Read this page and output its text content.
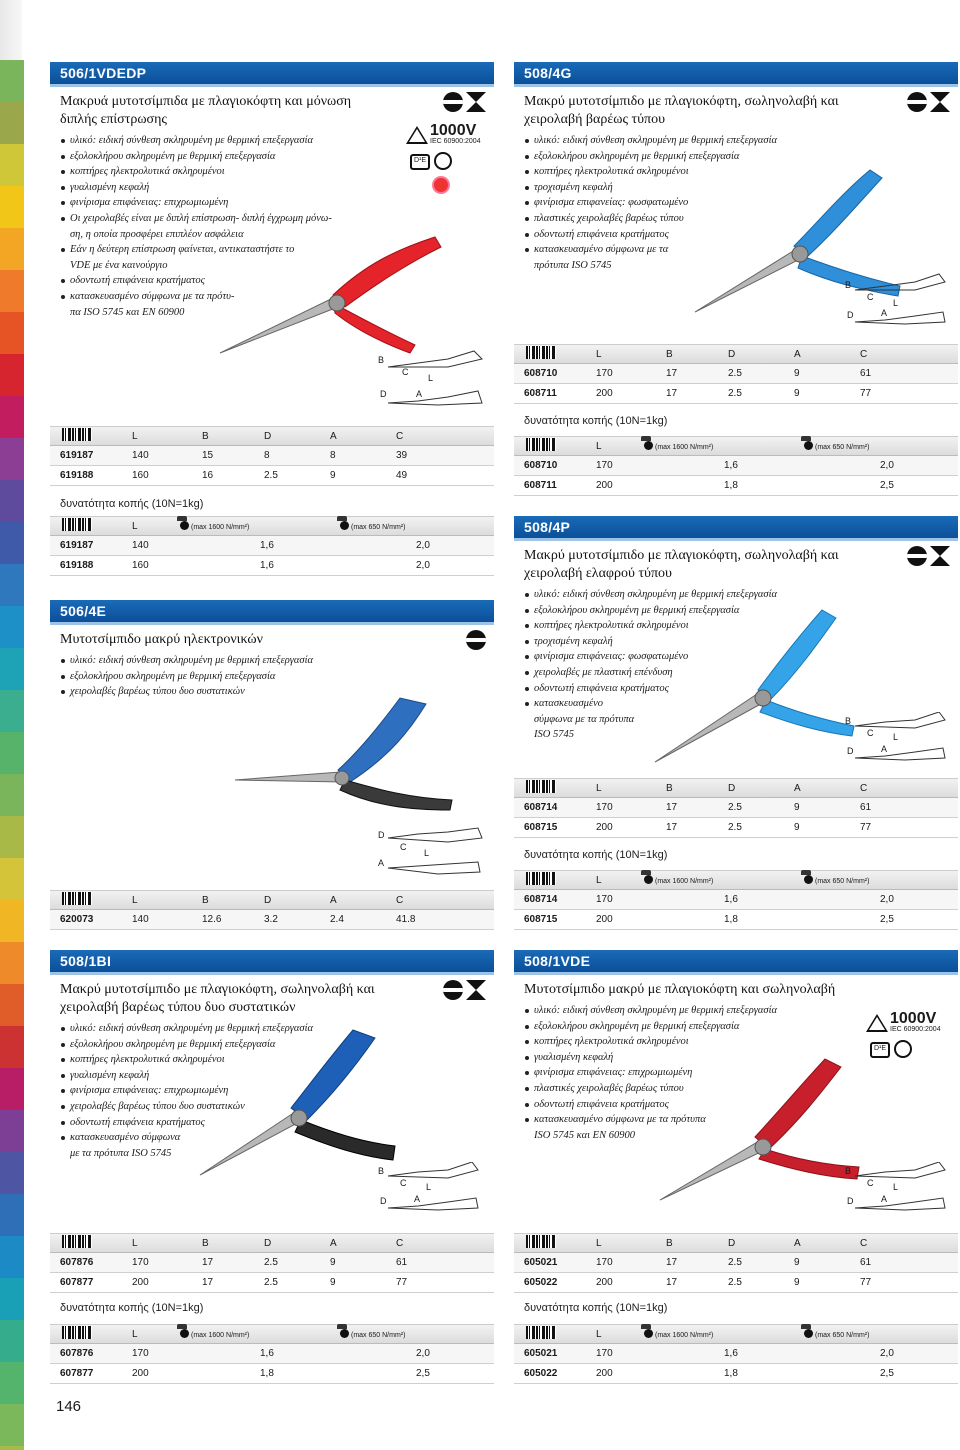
506/1VDEDP
Μακρυά μυτοτσίμπιδα με πλαγιοκόφτη και μόνωση διπλής επίστρωσης
υλικό: ειδική σύνθεση σκληρυμένη με θερμική επεξεργασία
εξολοκλήρου σκληρυμένη με θερμική επεξεργασία
κοπτήρες ηλεκτρολυτικά σκληρυμένοι
γυαλισμένη κεφαλή
φινίρισμα επιφάνειας: επιχρωμιωμένη
Οι χειρολαβές είναι με διπλή επίστρωση- διπλή έγχρωμη μόνω-
ση, η οποία προσφέρει επιπλέον ασφάλεια
Εάν η δεύτερη επίστρωση φαίνεται, αντικαταστήστε το
VDE με ένα καινούργιο
οδοντωτή επιφάνεια κρατήματος
κατασκευασμένο σύμφωνα με τα πρότυ-
πα ISO 5745 και EN 60900
1000V
IEC 60900:2004
D¹E
B
C
L
D	A
L	B	D	A	C
619187	140	15	8	8	39
619188	160	16	2.5	9	49
δυνατότητα κοπής (10N=1kg)
L	(max 1600 N/mm²)	(max 650 N/mm²)
619187	140	1,6	2,0
619188	160	1,6	2,0
508/4G
Μακρύ μυτοτσίμπιδο με πλαγιοκόφτη, σωληνολαβή και χειρολαβή βαρέως τύπου
υλικό: ειδική σύνθεση σκληρυμένη με θερμική επεξεργασία
εξολοκλήρου σκληρυμένη με θερμική επεξεργασία
κοπτήρες ηλεκτρολυτικά σκληρυμένοι
τροχισμένη κεφαλή
φινίρισμα επιφανείας: φωσφατωμένο
πλαστικές χειρολαβές βαρέως τύπου
οδοντωτή επιφάνεια κρατήματος
κατασκευασμένο σύμφωνα με τα
πρότυπα ISO 5745
B
C
L
D	A
L	B	D	A	C
608710	170	17	2.5	9	61
608711	200	17	2.5	9	77
δυνατότητα κοπής (10N=1kg)
L	(max 1600 N/mm²)	(max 650 N/mm²)
608710	170	1,6	2,0
608711	200	1,8	2,5
506/4E
Μυτοτσίμπιδο μακρύ ηλεκτρονικών
υλικό: ειδική σύνθεση σκληρυμένη με θερμική επεξεργασία
εξολοκλήρου σκληρυμένη με θερμική επεξεργασία
χειρολαβές βαρέως τύπου δυο συστατικών
D
C
L
A
L	B	D	A	C
620073	140	12.6	3.2	2.4	41.8
508/4P
Μακρύ μυτοτσίμπιδο με πλαγιοκόφτη, σωληνολαβή και χειρολαβή ελαφρού τύπου
υλικό: ειδική σύνθεση σκληρυμένη με θερμική επεξεργασία
εξολοκλήρου σκληρυμένη με θερμική επεξεργασία
κοπτήρες ηλεκτρολυτικά σκληρυμένοι
τροχισμένη κεφαλή
φινίρισμα επιφάνειας: φωσφατωμένο
χειρολαβές με πλαστική επένδυση
οδοντωτή επιφάνεια κρατήματος
κατασκευασμένο
σύμφωνα με τα πρότυπα
ISO 5745
B
C L
D	A
L	B	D	A	C
608714	170	17	2.5	9	61
608715	200	17	2.5	9	77
δυνατότητα κοπής (10N=1kg)
L	(max 1600 N/mm²)	(max 650 N/mm²)
608714	170	1,6	2,0
608715	200	1,8	2,5
508/1BI
Μακρύ μυτοτσίμπιδο με πλαγιοκόφτη, σωληνολαβή και χειρολαβή βαρέως τύπου δυο συστατικών
υλικό: ειδική σύνθεση σκληρυμένη με θερμική επεξεργασία
εξολοκλήρου σκληρυμένη με θερμική επεξεργασία
κοπτήρες ηλεκτρολυτικά σκληρυμένοι
γυαλισμένη κεφαλή
φινίρισμα επιφάνειας: επιχρωμιωμένη
χειρολαβές βαρέως τύπου δυο συστατικών
οδοντωτή επιφάνεια κρατήματος
κατασκευασμένο σύμφωνα
με τα πρότυπα ISO 5745
B
C L
D	A
L	B	D	A	C
607876	170	17	2.5	9	61
607877	200	17	2.5	9	77
δυνατότητα κοπής (10N=1kg)
L	(max 1600 N/mm²)	(max 650 N/mm²)
607876	170	1,6	2,0
607877	200	1,8	2,5
508/1VDE
Μυτοτσίμπιδο μακρύ με πλαγιοκόφτη και σωληνολαβή
υλικό: ειδική σύνθεση σκληρυμένη με θερμική επεξεργασία
εξολοκλήρου σκληρυμένη με θερμική επεξεργασία
κοπτήρες ηλεκτρολυτικά σκληρυμένοι
γυαλισμένη κεφαλή
φινίρισμα επιφάνειας: επιχρωμιωμένη
πλαστικές χειρολαβές βαρέως τύπου
οδοντωτή επιφάνεια κρατήματος
κατασκευασμένο σύμφωνα με τα πρότυπα
ISO 5745 και EN 60900
1000V
IEC 60900:2004
D¹E
B
C L
D	A
L	B	D	A	C
605021	170	17	2.5	9	61
605022	200	17	2.5	9	77
δυνατότητα κοπής (10N=1kg)
L	(max 1600 N/mm²)	(max 650 N/mm²)
605021	170	1,6	2,0
605022	200	1,8	2,5
146
